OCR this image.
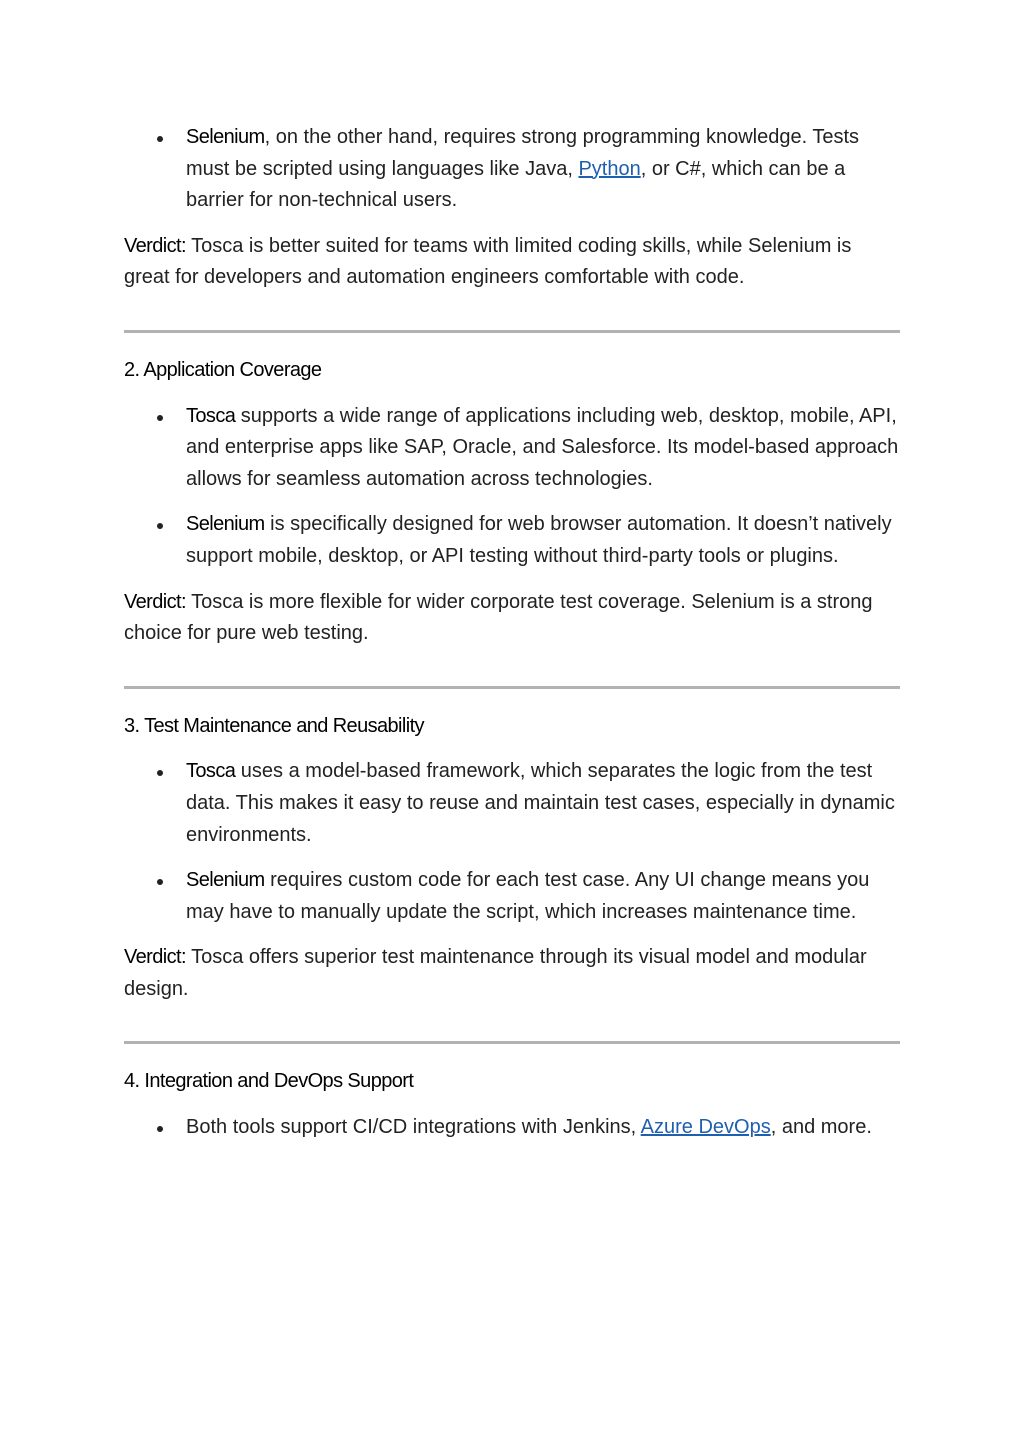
Selenium, on the other hand, requires strong programming knowledge. Tests must be scripted using languages like Java, Python, or C#, which can be a barrier for non-technical users.

Verdict: Tosca is better suited for teams with limited coding skills, while Selenium is great for developers and automation engineers comfortable with code.

2. Application Coverage
Tosca supports a wide range of applications including web, desktop, mobile, API, and enterprise apps like SAP, Oracle, and Salesforce. Its model-based approach allows for seamless automation across technologies.
Selenium is specifically designed for web browser automation. It doesn’t natively support mobile, desktop, or API testing without third-party tools or plugins.

Verdict: Tosca is more flexible for wider corporate test coverage. Selenium is a strong choice for pure web testing.

3. Test Maintenance and Reusability
Tosca uses a model-based framework, which separates the logic from the test data. This makes it easy to reuse and maintain test cases, especially in dynamic environments.
Selenium requires custom code for each test case. Any UI change means you may have to manually update the script, which increases maintenance time.

Verdict: Tosca offers superior test maintenance through its visual model and modular design.

4. Integration and DevOps Support
Both tools support CI/CD integrations with Jenkins, Azure DevOps, and more.
